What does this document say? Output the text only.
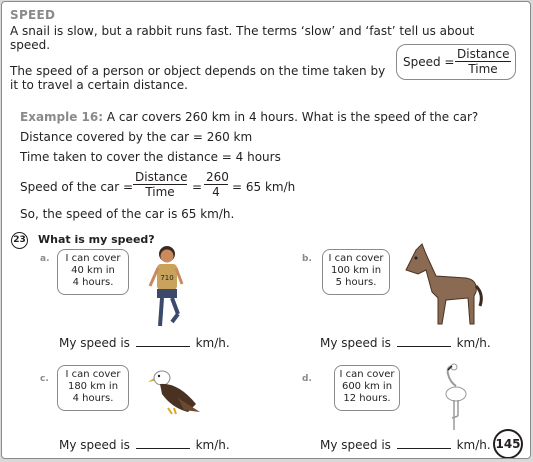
SPEED
A snail is slow, but a rabbit runs fast. The terms ‘slow’ and ‘fast’ tell us about speed.
The speed of a person or object depends on the time taken by it to travel a certain distance.
Speed =
Distance
Time
Example 16: A car covers 260 km in 4 hours. What is the speed of the car?
Distance covered by the car = 260 km
Time taken to cover the distance = 4 hours
Speed of the car =
Distance
Time	= $\frac{260}{4} = 65$ km/h
So, the speed of the car is 65 km/h.
23 What is my speed?
a.	I can cover
40 km in
4 hours.	710
My speed is	km/h.
b. I can cover
100 km in
5 hours.
My speed is	km/h.
c.	I can cover
180 km in
4 hours.
My speed is	km/h.
d.	I can cover
600 km in
12 hours.
My speed is	km/h. 145
